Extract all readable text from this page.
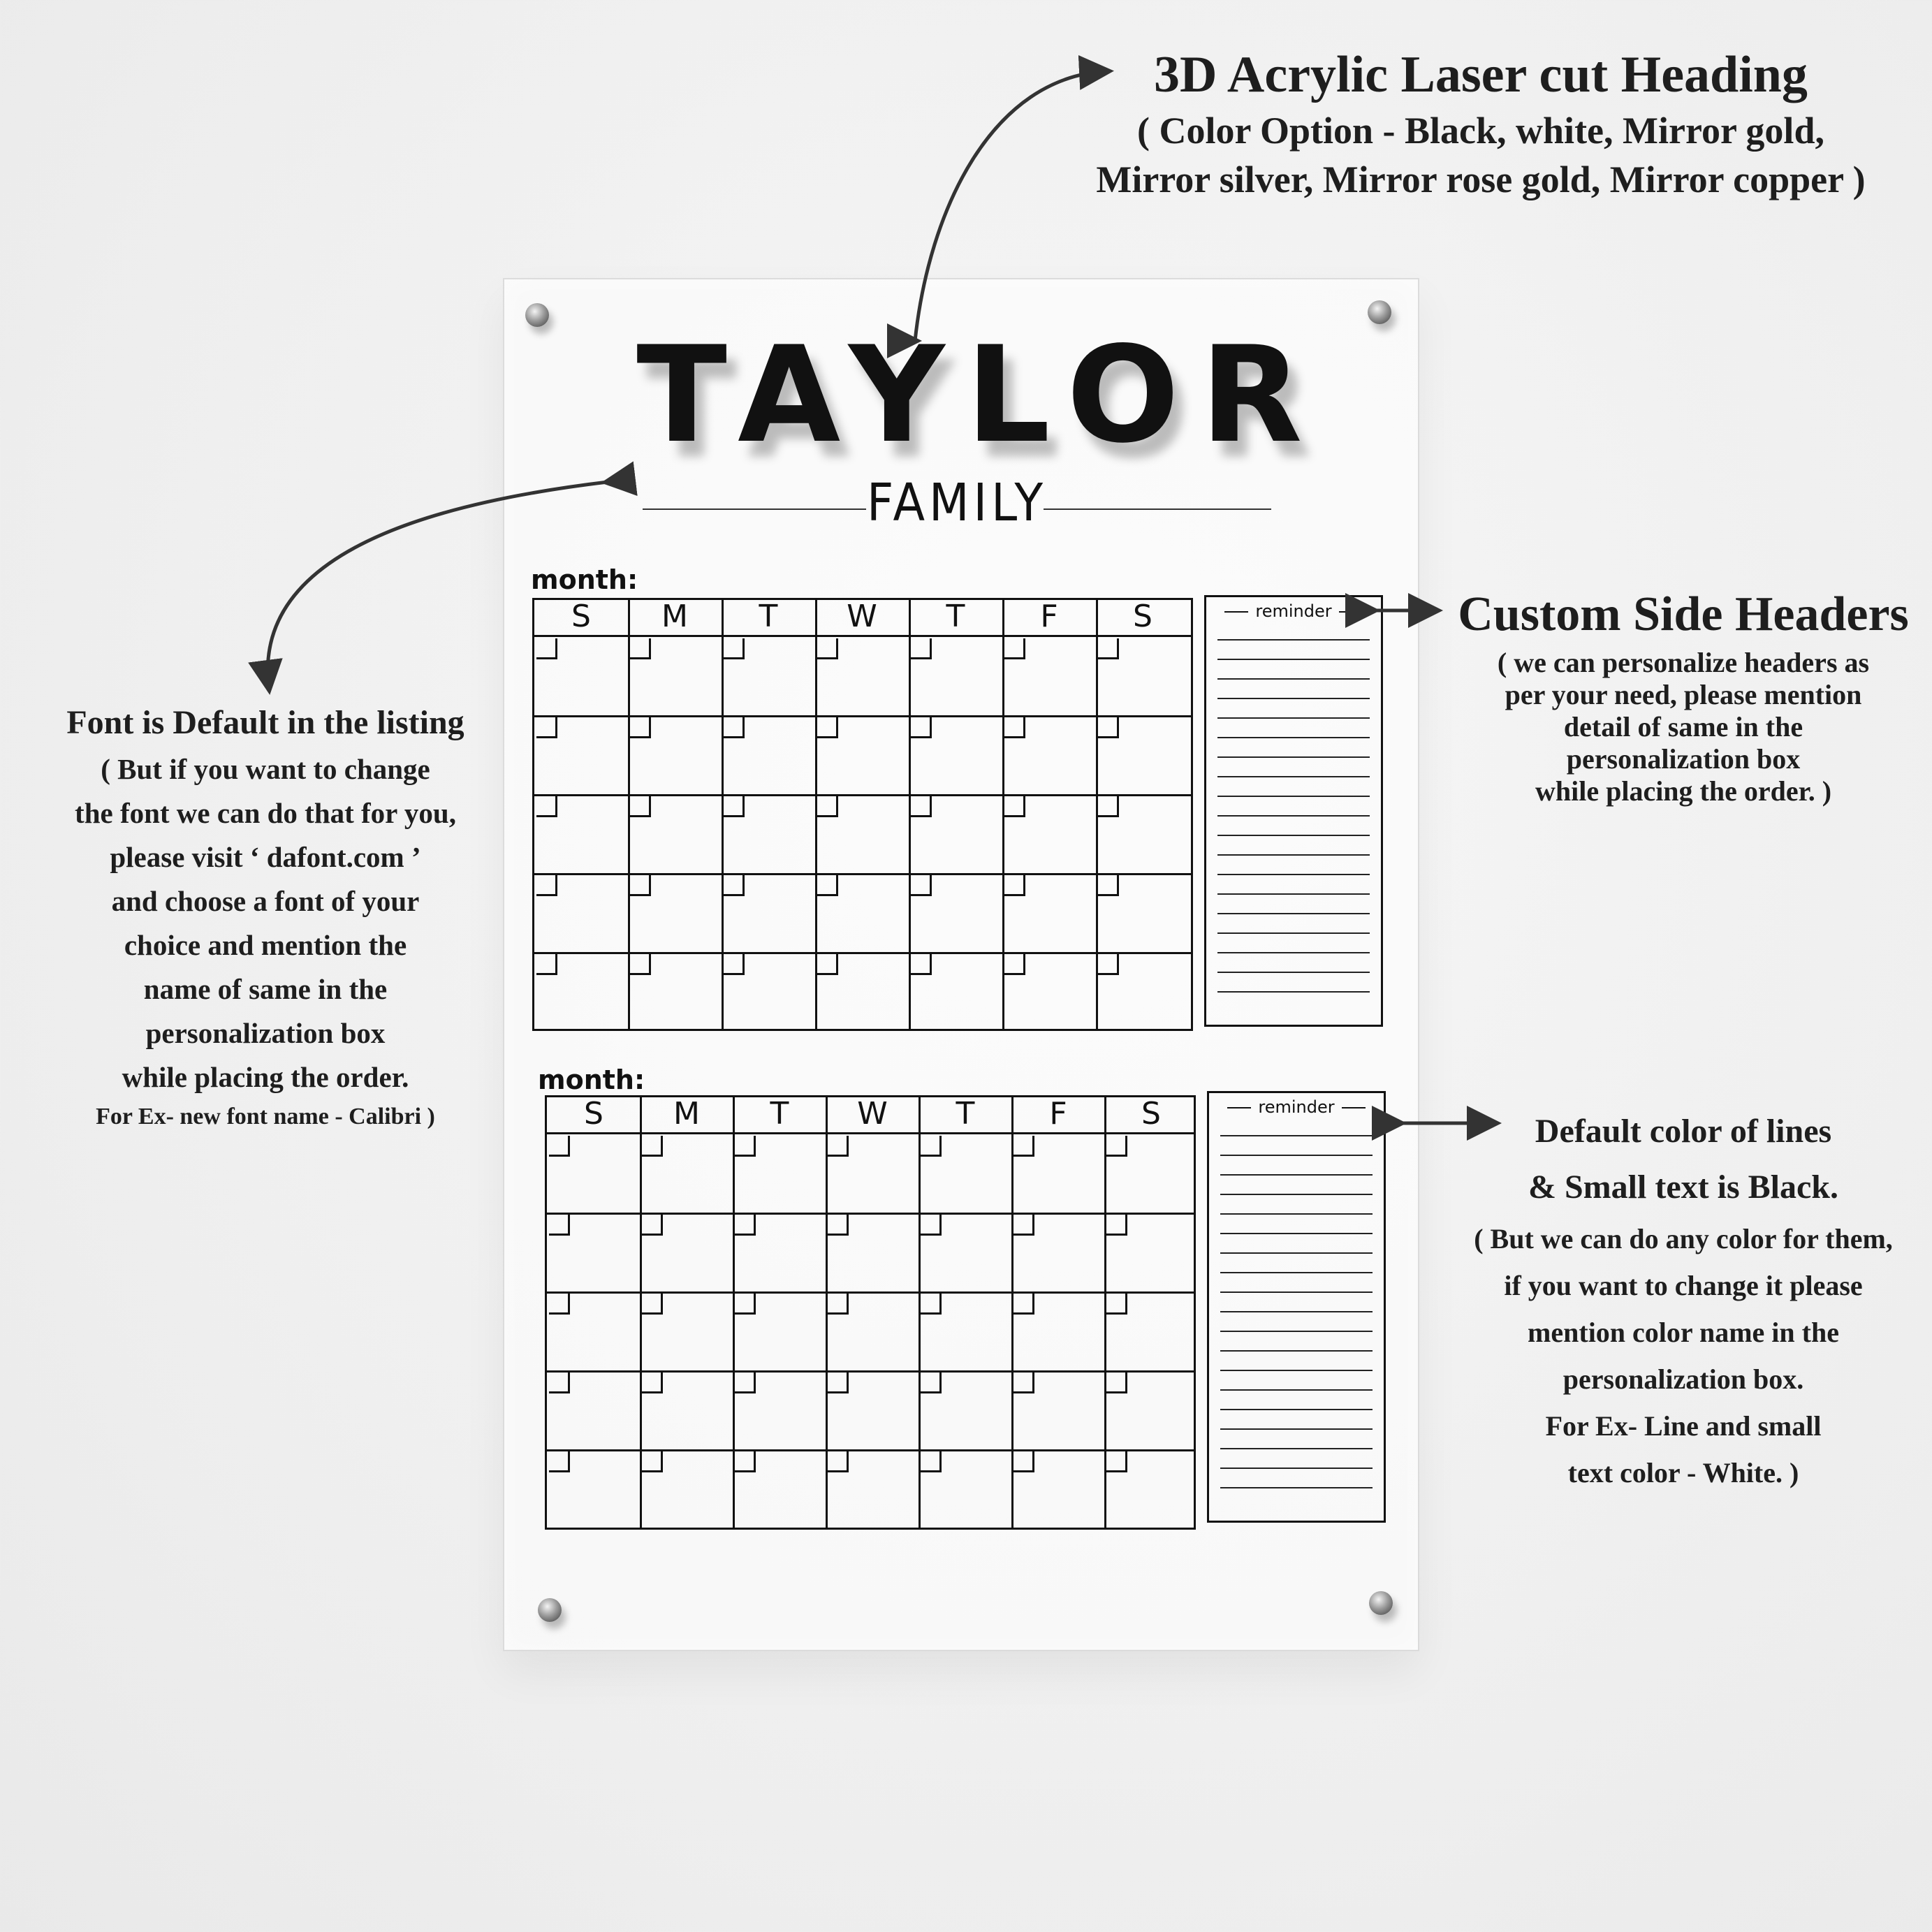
3D Acrylic Laser cut Heading
( Color Option - Black, white, Mirror gold,
Mirror silver, Mirror rose gold, Mirror copper )
Custom Side Headers
( we can personalize headers as
per your need, please mention
detail of same in the
personalization box
while placing the order. )
Font is Default in the listing
( But if you want to change
the font we can do that for you,
please visit ‘ dafont.com ’
and choose a font of your
choice and mention the
name of same in the
personalization box
while placing the order.
For Ex- new font name - Calibri )	Default color of lines
& Small text is Black.
( But we can do any color for them,
if you want to change it please
mention color name in the
personalization box.
For Ex- Line and small
text color - White. )
TAYLOR
FAMILY
month:
S	M	T	W	T	F	S	reminder
month:
S	M	T	W	T	F	S	reminder
